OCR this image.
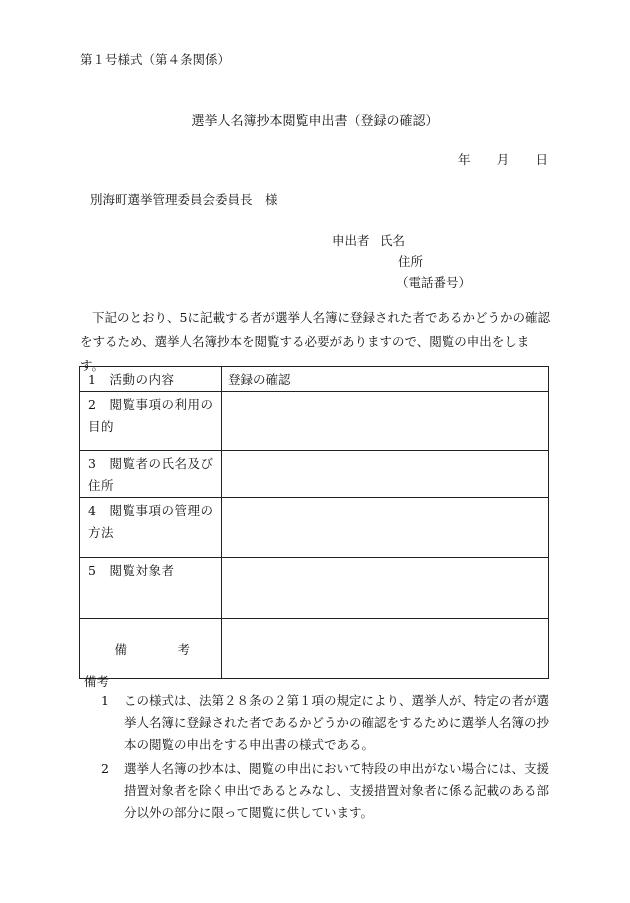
第１号様式（第４条関係）
選挙人名簿抄本閲覧申出書（登録の確認）
年 月 日
別海町選挙管理委員会委員長　様
申出者 氏名
住所
（電話番号）
下記のとおり、5に記載する者が選挙人名簿に登録された者であるかどうかの確認をするため、選挙人名簿抄本を閲覧する必要がありますので、閲覧の申出をします。
1　活動の内容	登録の確認
2　閲覧事項の利用の目的	
3　閲覧者の氏名及び住所	
4　閲覧事項の管理の方法	
5　閲覧対象者	
備 考	
備考
1	この様式は、法第２８条の２第１項の規定により、選挙人が、特定の者が選挙人名簿に登録された者であるかどうかの確認をするために選挙人名簿の抄本の閲覧の申出をする申出書の様式である。
2	選挙人名簿の抄本は、閲覧の申出において特段の申出がない場合には、支援措置対象者を除く申出であるとみなし、支援措置対象者に係る記載のある部分以外の部分に限って閲覧に供しています。
